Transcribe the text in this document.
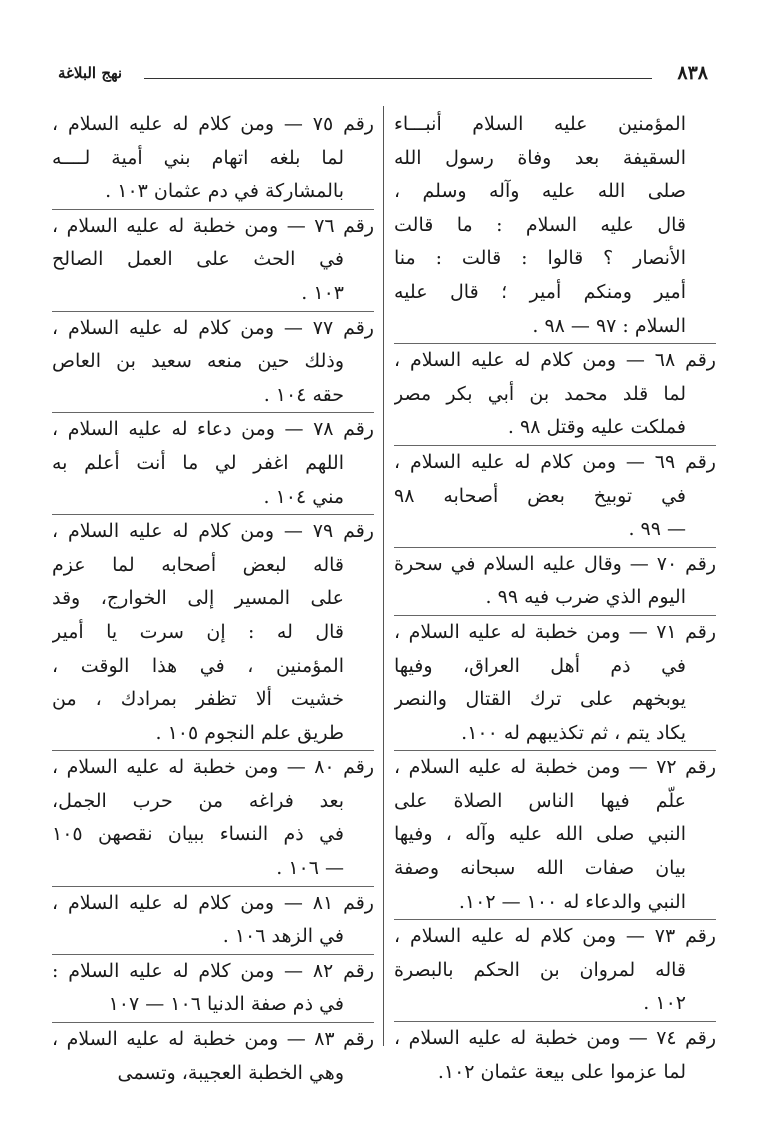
٨٣٨
نهج البلاغة
المؤمنين عليه السلام أنبـــاء
السقيفة بعد وفاة رسول الله
صلى الله عليه وآله وسلم ،
قال عليه السلام : ما قالت
الأنصار ؟ قالوا : قالت : منا
أمير ومنكم أمير ؛ قال عليه
السلام : ٩٧ — ٩٨ .
رقم ٦٨ — ومن كلام له عليه السلام ،
لما قلد محمد بن أبي بكر مصر
فملكت عليه وقتل ٩٨ .
رقم ٦٩ — ومن كلام له عليه السلام ،
في توبيخ بعض أصحابه ٩٨
— ٩٩ .
رقم ٧٠ — وقال عليه السلام في سحرة
اليوم الذي ضرب فيه ٩٩ .
رقم ٧١ — ومن خطبة له عليه السلام ،
في ذم أهل العراق، وفيها
يوبخهم على ترك القتال والنصر
يكاد يتم ، ثم تكذيبهم له ١٠٠.
رقم ٧٢ — ومن خطبة له عليه السلام ،
علّم فيها الناس الصلاة على
النبي صلى الله عليه وآله ، وفيها
بيان صفات الله سبحانه وصفة
النبي والدعاء له ١٠٠ — ١٠٢.
رقم ٧٣ — ومن كلام له عليه السلام ،
قاله لمروان بن الحكم بالبصرة
١٠٢ .
رقم ٧٤ — ومن خطبة له عليه السلام ،
لما عزموا على بيعة عثمان ١٠٢.
رقم ٧٥ — ومن كلام له عليه السلام ،
لما بلغه اتهام بني أمية لــــه
بالمشاركة في دم عثمان ١٠٣ .
رقم ٧٦ — ومن خطبة له عليه السلام ،
في الحث على العمل الصالح
١٠٣ .
رقم ٧٧ — ومن كلام له عليه السلام ،
وذلك حين منعه سعيد بن العاص
حقه ١٠٤ .
رقم ٧٨ — ومن دعاء له عليه السلام ،
اللهم اغفر لي ما أنت أعلم به
مني ١٠٤ .
رقم ٧٩ — ومن كلام له عليه السلام ،
قاله لبعض أصحابه لما عزم
على المسير إلى الخوارج، وقد
قال له : إن سرت يا أمير
المؤمنين ، في هذا الوقت ،
خشيت ألا تظفر بمرادك ، من
طريق علم النجوم ١٠٥ .
رقم ٨٠ — ومن خطبة له عليه السلام ،
بعد فراغه من حرب الجمل،
في ذم النساء ببيان نقصهن ١٠٥
— ١٠٦ .
رقم ٨١ — ومن كلام له عليه السلام ،
في الزهد ١٠٦ .
رقم ٨٢ — ومن كلام له عليه السلام :
في ذم صفة الدنيا ١٠٦ — ١٠٧
رقم ٨٣ — ومن خطبة له عليه السلام ،
وهي الخطبة العجيبة، وتسمى
